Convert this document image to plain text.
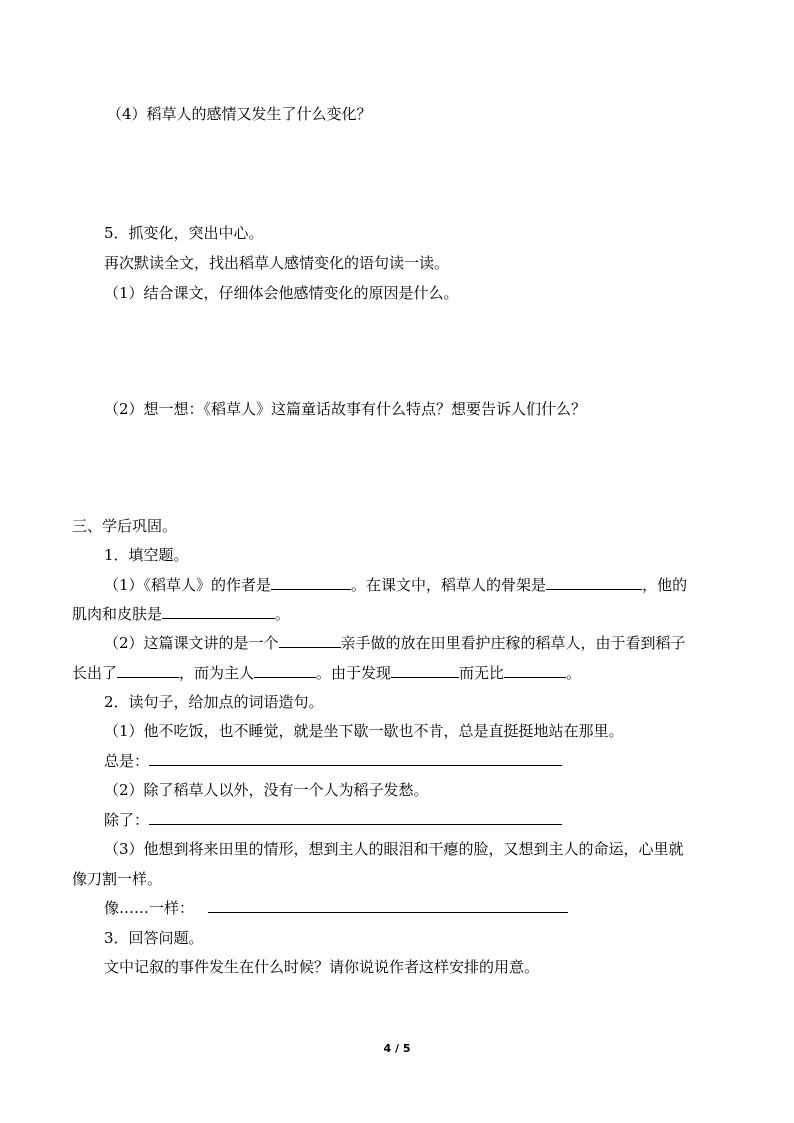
（4）稻草人的感情又发生了什么变化？
5．抓变化，突出中心。
再次默读全文，找出稻草人感情变化的语句读一读。
（1）结合课文，仔细体会他感情变化的原因是什么。
（2）想一想：《稻草人》这篇童话故事有什么特点？想要告诉人们什么？
三、学后巩固。
1．填空题。
（1）《稻草人》的作者是	。在课文中，稻草人的骨架是	，他的
肌肉和皮肤是	。
（2）这篇课文讲的是一个	亲手做的放在田里看护庄稼的稻草人，由于看到稻子
长出了	，而为主人	。由于发现	而无比	。
2．读句子，给加点的词语造句。
（1）他不吃饭，也不睡觉，就是坐下歇一歇也不肯，总是直挺挺地站在那里。
总是：
（2）除了稻草人以外，没有一个人为稻子发愁。
除了：
（3）他想到将来田里的情形，想到主人的眼泪和干瘪的脸，又想到主人的命运，心里就
像刀割一样。
像……一样：
3．回答问题。
文中记叙的事件发生在什么时候？请你说说作者这样安排的用意。
4 / 5
